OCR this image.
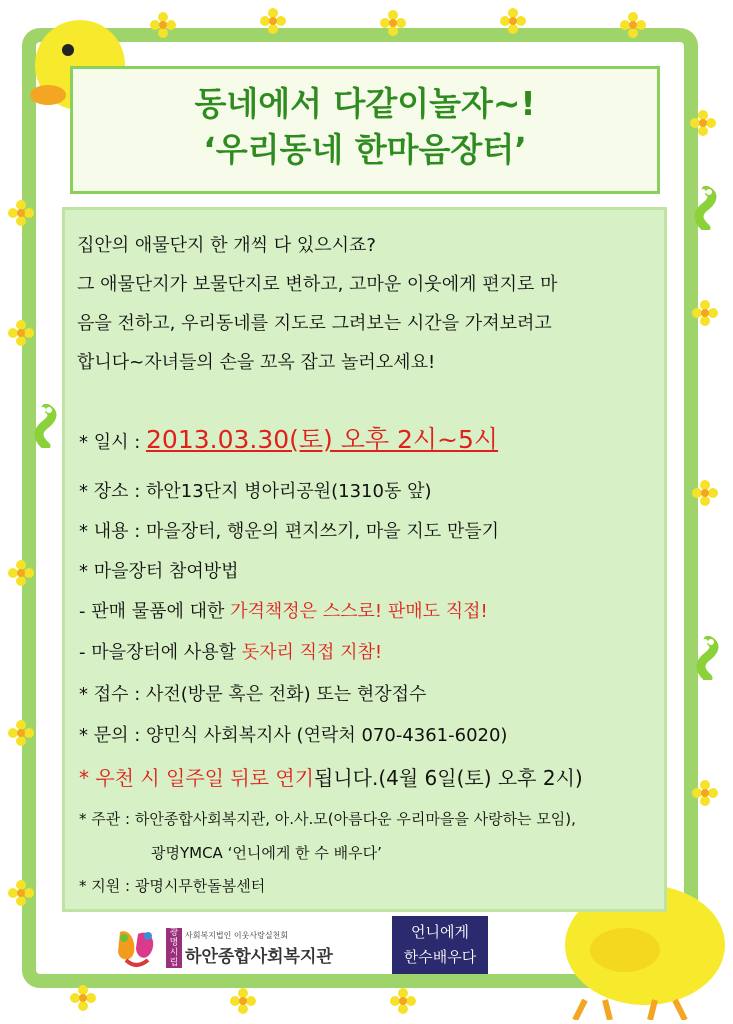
동네에서 다같이놀자~!
‘우리동네 한마음장터’

집안의 애물단지 한 개씩 다 있으시죠?

그 애물단지가 보물단지로 변하고, 고마운 이웃에게 편지로 마

음을 전하고, 우리동네를 지도로 그려보는 시간을 가져보려고

합니다~자녀들의 손을 꼬옥 잡고 놀러오세요!

* 일시 : 2013.03.30(토) 오후 2시~5시
* 장소 : 하안13단지 병아리공원(1310동 앞)
* 내용 : 마을장터, 행운의 편지쓰기, 마을 지도 만들기
* 마을장터 참여방법
- 판매 물품에 대한 가격책정은 스스로! 판매도 직접!
- 마을장터에 사용할 돗자리 직접 지참!
* 접수 : 사전(방문 혹은 전화) 또는 현장접수
* 문의 : 양민식 사회복지사 (연락처 070-4361-6020)
* 우천 시 일주일 뒤로 연기됩니다.(4월 6일(토) 오후 2시)
* 주관 : 하안종합사회복지관, 아.사.모(아름다운 우리마을을 사랑하는 모임),
광명YMCA ‘언니에게 한 수 배우다’
* 지원 : 광명시무한돌봄센터
광명시립
사회복지법인 이웃사랑실천회
하안종합사회복지관
언니에게
한수배우다
